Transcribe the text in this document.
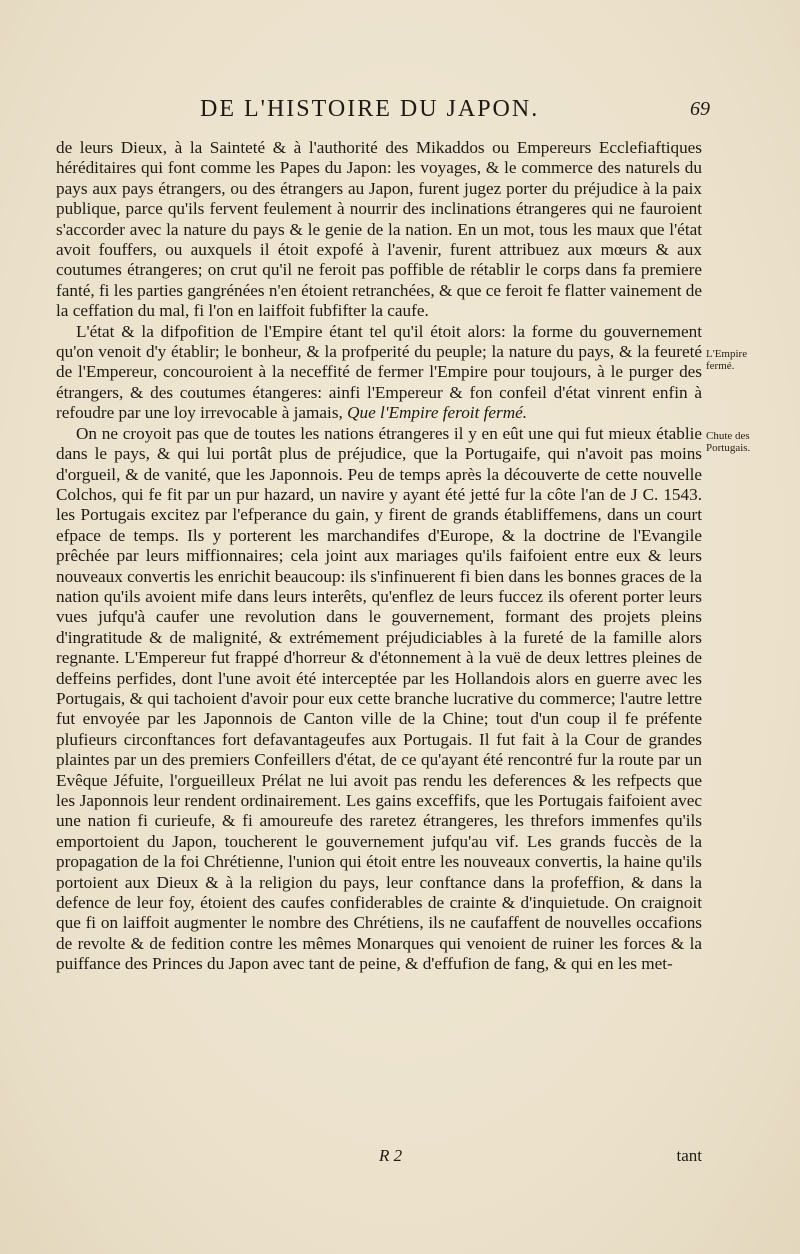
DE L'HISTOIRE DU JAPON.	69

de leurs Dieux, à la Sainteté & à l'authorité des Mikaddos ou Empereurs Ecclefiaftiques héréditaires qui font comme les Papes du Japon: les voyages, & le commerce des naturels du pays aux pays étrangers, ou des étrangers au Japon, furent jugez porter du préjudice à la paix publique, parce qu'ils fervent feulement à nourrir des inclinations étrangeres qui ne fauroient s'accorder avec la nature du pays & le genie de la nation. En un mot, tous les maux que l'état avoit fouffers, ou auxquels il étoit expofé à l'avenir, furent attribuez aux mœurs & aux coutumes étrangeres; on crut qu'il ne feroit pas poffible de rétablir le corps dans fa premiere fanté, fi les parties gangrénées n'en étoient retranchées, & que ce feroit fe flatter vainement de la ceffation du mal, fi l'on en laiffoit fubfifter la caufe.

L'état & la difpofition de l'Empire étant tel qu'il étoit alors: la forme du gouvernement qu'on venoit d'y établir; le bonheur, & la profperité du peuple; la nature du pays, & la feureté de l'Empereur, concouroient à la neceffité de fermer l'Empire pour toujours, à le purger des étrangers, & des coutumes étangeres: ainfi l'Empereur & fon confeil d'état vinrent enfin à refoudre par une loy irrevocable à jamais, Que l'Empire feroit fermé.

On ne croyoit pas que de toutes les nations étrangeres il y en eût une qui fut mieux établie dans le pays, & qui lui portât plus de préjudice, que la Portugaife, qui n'avoit pas moins d'orgueil, & de vanité, que les Japonnois. Peu de temps après la découverte de cette nouvelle Colchos, qui fe fit par un pur hazard, un navire y ayant été jetté fur la côte l'an de J C. 1543. les Portugais excitez par l'efperance du gain, y firent de grands établiffemens, dans un court efpace de temps. Ils y porterent les marchandifes d'Europe, & la doctrine de l'Evangile prêchée par leurs miffionnaires; cela joint aux mariages qu'ils faifoient entre eux & leurs nouveaux convertis les enrichit beaucoup: ils s'infinuerent fi bien dans les bonnes graces de la nation qu'ils avoient mife dans leurs interêts, qu'enflez de leurs fuccez ils oferent porter leurs vues jufqu'à caufer une revolution dans le gouvernement, formant des projets pleins d'ingratitude & de malignité, & extrémement préjudiciables à la fureté de la famille alors regnante. L'Empereur fut frappé d'horreur & d'étonnement à la vuë de deux lettres pleines de deffeins perfides, dont l'une avoit été interceptée par les Hollandois alors en guerre avec les Portugais, & qui tachoient d'avoir pour eux cette branche lucrative du commerce; l'autre lettre fut envoyée par les Japonnois de Canton ville de la Chine; tout d'un coup il fe préfente plufieurs circonftances fort defavantageufes aux Portugais. Il fut fait à la Cour de grandes plaintes par un des premiers Confeillers d'état, de ce qu'ayant été rencontré fur la route par un Evêque Jéfuite, l'orgueilleux Prélat ne lui avoit pas rendu les deferences & les refpects que les Japonnois leur rendent ordinairement. Les gains exceffifs, que les Portugais faifoient avec une nation fi curieufe, & fi amoureufe des raretez étrangeres, les threfors immenfes qu'ils emportoient du Japon, toucherent le gouvernement jufqu'au vif. Les grands fuccès de la propagation de la foi Chrétienne, l'union qui étoit entre les nouveaux convertis, la haine qu'ils portoient aux Dieux & à la religion du pays, leur conftance dans la profeffion, & dans la defence de leur foy, étoient des caufes confiderables de crainte & d'inquietude. On craignoit que fi on laiffoit augmenter le nombre des Chrétiens, ils ne caufaffent de nouvelles occafions de revolte & de fedition contre les mêmes Monarques qui venoient de ruiner les forces & la puiffance des Princes du Japon avec tant de peine, & d'effufion de fang, & qui en les met-

L'Empire fermé.
Chute des Portugais.
R 2	tant
